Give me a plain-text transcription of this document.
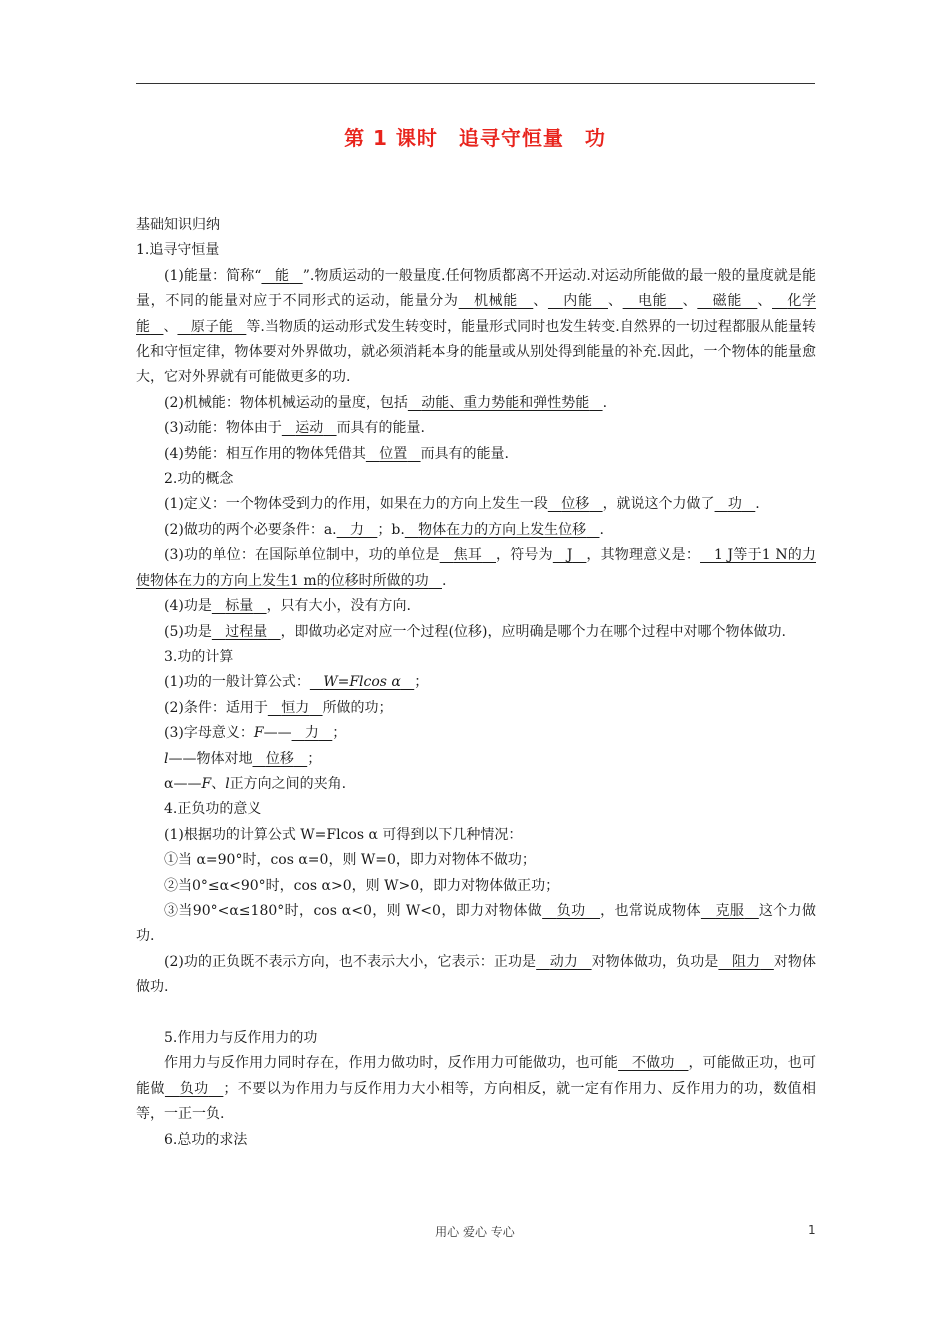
第 1 课时　追寻守恒量　功

基础知识归纳

1.追寻守恒量

(1)能量：简称“ 能 ”.物质运动的一般量度.任何物质都离不开运动.对运动所能做的最一般的量度就是能量，不同的能量对应于不同形式的运动，能量分为 机械能 、 内能 、 电能 、 磁能 、 化学能 、 原子能 等.当物质的运动形式发生转变时，能量形式同时也发生转变.自然界的一切过程都服从能量转化和守恒定律，物体要对外界做功，就必须消耗本身的能量或从别处得到能量的补充.因此，一个物体的能量愈大，它对外界就有可能做更多的功.

(2)机械能：物体机械运动的量度，包括 动能、重力势能和弹性势能 .

(3)动能：物体由于 运动 而具有的能量.

(4)势能：相互作用的物体凭借其 位置 而具有的能量.

2.功的概念

(1)定义：一个物体受到力的作用，如果在力的方向上发生一段 位移 ，就说这个力做了 功 .

(2)做功的两个必要条件：a. 力 ；b. 物体在力的方向上发生位移 .

(3)功的单位：在国际单位制中，功的单位是 焦耳 ，符号为 J ，其物理意义是： 1 J等于1 N的力使物体在力的方向上发生1 m的位移时所做的功 .

(4)功是 标量 ，只有大小，没有方向.

(5)功是 过程量 ，即做功必定对应一个过程(位移)，应明确是哪个力在哪个过程中对哪个物体做功.

3.功的计算

(1)功的一般计算公式： W=Flcos α ；

(2)条件：适用于 恒力 所做的功；

(3)字母意义：F—— 力 ；

l——物体对地 位移 ；

α——F、l正方向之间的夹角.

4.正负功的意义

(1)根据功的计算公式 W=Flcos α 可得到以下几种情况：

①当 α=90°时，cos α=0，则 W=0，即力对物体不做功；

②当0°≤α<90°时，cos α>0，则 W>0，即力对物体做正功；

③当90°<α≤180°时，cos α<0，则 W<0，即力对物体做 负功 ，也常说成物体 克服 这个力做功.

(2)功的正负既不表示方向，也不表示大小，它表示：正功是 动力 对物体做功，负功是 阻力 对物体做功.

5.作用力与反作用力的功

作用力与反作用力同时存在，作用力做功时，反作用力可能做功，也可能 不做功 ，可能做正功，也可能做 负功 ；不要以为作用力与反作用力大小相等，方向相反，就一定有作用力、反作用力的功，数值相等，一正一负.

6.总功的求法

用心 爱心 专心	1
